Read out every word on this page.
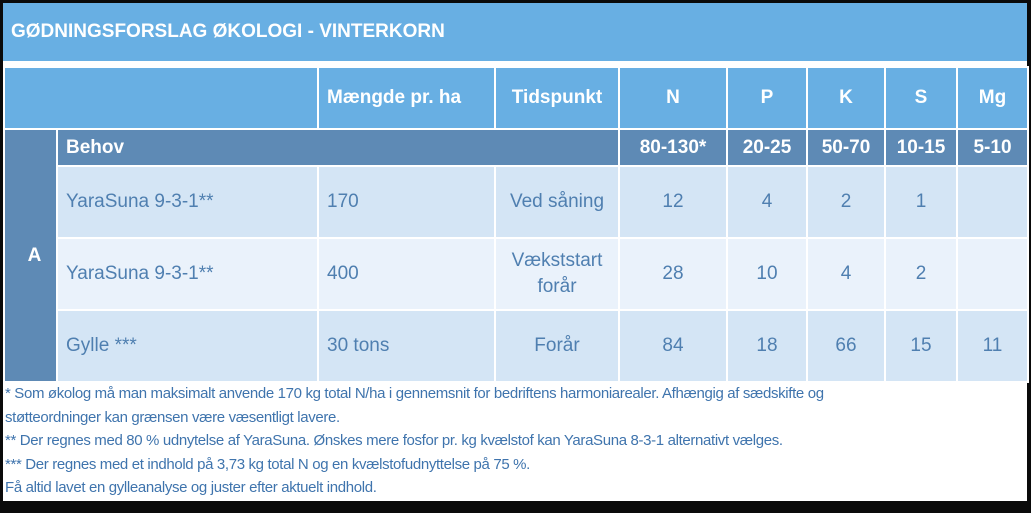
GØDNINGSFORSLAG ØKOLOGI - VINTERKORN
		Mængde pr. ha	Tidspunkt	N	P	K	S	Mg
A	Behov			80-130*	20-25	50-70	10-15	5-10
	YaraSuna 9-3-1**	170	Ved såning	12	4	2	1	
	YaraSuna 9-3-1**	400	Vækststart forår	28	10	4	2	
	Gylle ***	30 tons	Forår	84	18	66	15	11
* Som økolog må man maksimalt anvende 170 kg total N/ha i gennemsnit for bedriftens harmoniarealer. Afhængig af sædskifte og
støtteordninger kan grænsen være væsentligt lavere.
** Der regnes med 80 % udnytelse af YaraSuna. Ønskes mere fosfor pr. kg kvælstof kan YaraSuna 8-3-1 alternativt vælges.
*** Der regnes med et indhold på 3,73 kg total N og en kvælstofudnyttelse på 75 %.
Få altid lavet en gylleanalyse og juster efter aktuelt indhold.
